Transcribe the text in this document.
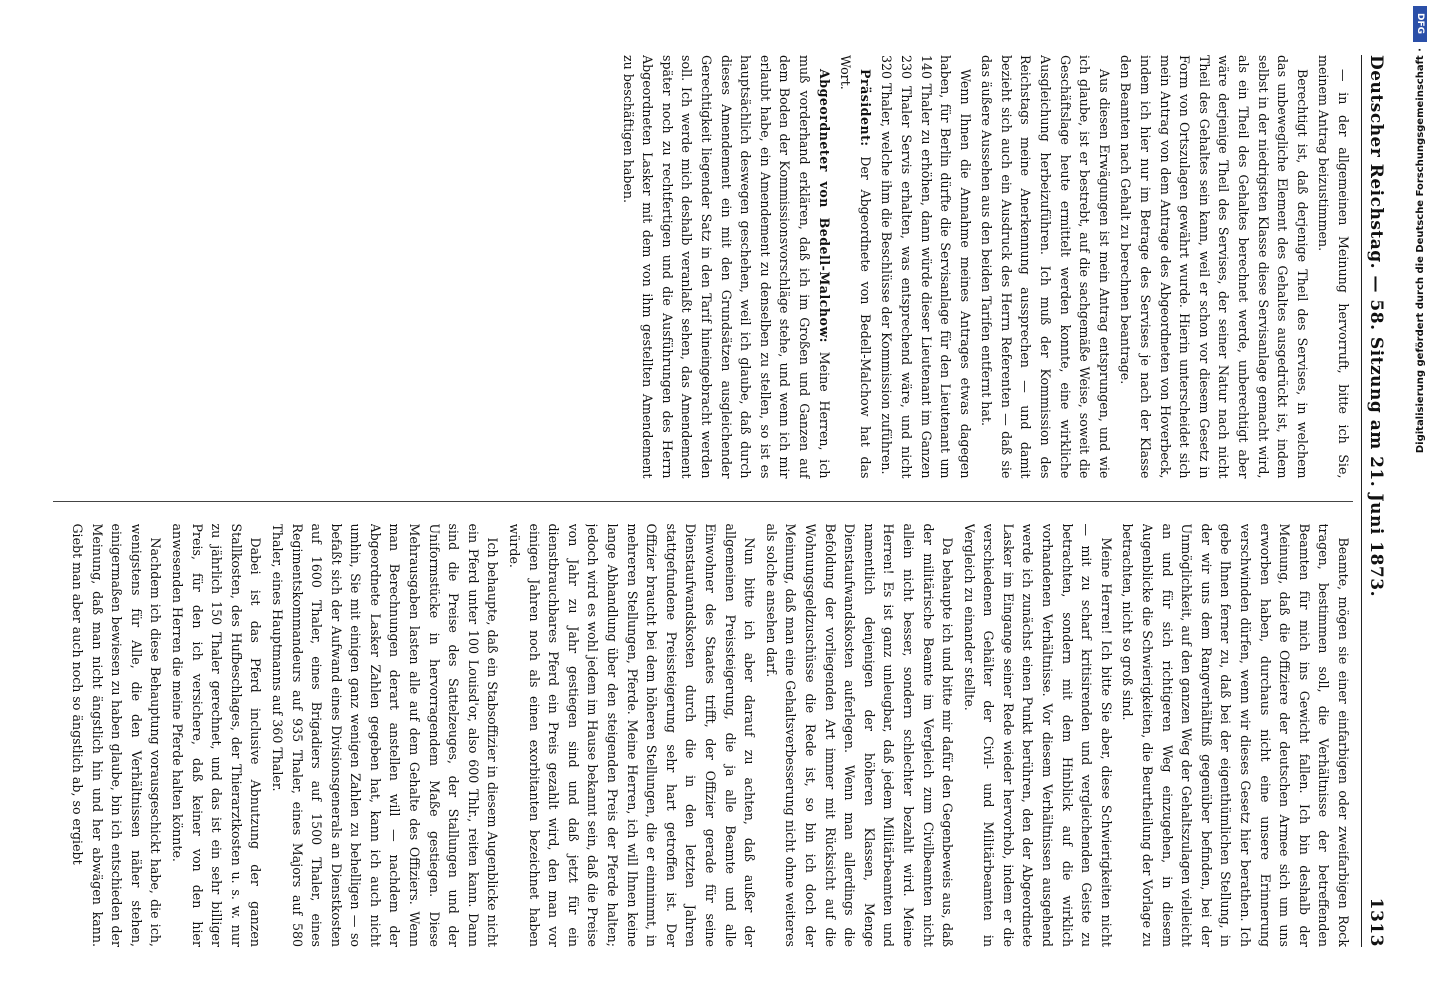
Deutscher Reichstag. — 58. Sitzung am 21. Juni 1873.
1313

— in der allgemeinen Meinung hervorruft, bitte ich Sie, meinem Antrag beizustimmen.

Berechtigt ist, daß derjenige Theil des Servises, in welchem das unbewegliche Element des Gehaltes ausgedrückt ist, indem selbst in der niedrigsten Klasse diese Servisanlage gemacht wird, als ein Theil des Gehaltes berechnet werde, unberechtigt aber wäre derjenige Theil des Servises, der seiner Natur nach nicht Theil des Gehaltes sein kann, weil er schon vor diesem Gesetz in Form von Ortszulagen gewährt wurde. Hierin unterscheidet sich mein Antrag von dem Antrage des Abgeordneten von Hoverbeck, indem ich hier nur im Betrage des Servises je nach der Klasse den Beamten nach Gehalt zu berechnen beantrage.

Aus diesen Erwägungen ist mein Antrag entsprungen, und wie ich glaube, ist er bestrebt, auf die sachgemäße Weise, soweit die Geschäftslage heute ermittelt werden konnte, eine wirkliche Ausgleichung herbeizuführen. Ich muß der Kommission des Reichstags meine Anerkennung aussprechen — und damit bezieht sich auch ein Ausdruck des Herrn Referenten — daß sie das äußere Aussehen aus den beiden Tarifen entfernt hat.

Wenn Ihnen die Annahme meines Antrages etwas dagegen haben, für Berlin dürfte die Servisanlage für den Lieutenant um 140 Thaler zu erhöhen, dann würde dieser Lieutenant im Ganzen 230 Thaler Servis erhalten, was entsprechend wäre, und nicht 320 Thaler, welche ihm die Beschlüsse der Kommission zuführen.

Präsident: Der Abgeordnete von Bedell-Malchow hat das Wort.

Abgeordneter von Bedell-Malchow: Meine Herren, ich muß vorderhand erklären, daß ich im Großen und Ganzen auf dem Boden der Kommissionsvorschläge stehe, und wenn ich mir erlaubt habe, ein Amendement zu denselben zu stellen, so ist es hauptsächlich deswegen geschehen, weil ich glaube, daß durch dieses Amendement ein mit den Grundsätzen ausgleichender Gerechtigkeit liegender Satz in den Tarif hineingebracht werden soll. Ich werde mich deshalb veranlaßt sehen, das Amendement später noch zu rechtfertigen und die Ausführungen des Herrn Abgeordneten Lasker mit dem von ihm gestellten Amendement zu beschäftigen haben.

Beamte, mögen sie einer einfarbigen oder zweifarbigen Rock tragen, bestimmen soll, die Verhältnisse der betreffenden Beamten für mich ins Gewicht fallen. Ich bin deshalb der Meinung, daß die Offiziere der deutschen Armee sich um uns erworben haben, durchaus nicht eine unsere Erinnerung verschwinden dürfen, wenn wir dieses Gesetz hier berathen. Ich gebe Ihnen ferner zu, daß bei der eigenthümlichen Stellung, in der wir uns dem Rangverhältniß gegenüber befinden, bei der Unmöglichkeit, auf den ganzen Weg der Gehaltszulagen vielleicht an und für sich richtigeren Weg einzugehen, in diesem Augenblicke die Schwierigkeiten, die Beurtheilung der Vorlage zu betrachten, nicht so groß sind.

Meine Herren! Ich bitte Sie aber, diese Schwierigkeiten nicht — mit zu scharf kritisirenden und vergleichenden Geiste zu betrachten, sondern mit dem Hinblick auf die wirklich vorhandenen Verhältnisse. Vor diesem Verhältnissen ausgehend werde ich zunächst einen Punkt berühren, den der Abgeordnete Lasker im Eingange seiner Rede wieder hervorhob, indem er die verschiedenen Gehälter der Civil- und Militärbeamten in Vergleich zu einander stellte.

Da behaupte ich und bitte mir dafür den Gegenbeweis aus, daß der militärische Beamte im Vergleich zum Civilbeamten nicht allein nicht besser, sondern schlechter bezahlt wird. Meine Herren! Es ist ganz unleugbar, daß jedem Militärbeamten und namentlich denjenigen der höheren Klassen, Menge Dienstaufwandskosten auferlegen. Wenn man allerdings die Befoldung der vorliegenden Art immer mit Rücksicht auf die Wohnungsgeldzuschüsse die Rede ist, so bin ich doch der Meinung, daß man eine Gehaltsverbesserung nicht ohne weiteres als solche ansehen darf.

Nun bitte ich aber darauf zu achten, daß außer der allgemeinen Preissteigerung, die ja alle Beamte und alle Einwohner des Staates trifft, der Offizier gerade für seine Dienstaufwandskosten durch die in den letzten Jahren stattgefundene Preissteigerung sehr hart getroffen ist. Der Offizier braucht bei dem höheren Stellungen, die er einnimmt, in mehreren Stellungen, Pferde. Meine Herren, ich will Ihnen keine lange Abhandlung über den steigenden Preis der Pferde halten; jedoch wird es wohl jedem im Hause bekannt sein, daß die Preise von Jahr zu Jahr gestiegen sind und daß jetzt für ein dienstbrauchbares Pferd ein Preis gezahlt wird, den man vor einigen Jahren noch als einen exorbitanten bezeichnet haben würde.

Ich behaupte, daß ein Stabsoffizier in diesem Augenblicke nicht ein Pferd unter 100 Louisd'or, also 600 Thlr., reiten kann. Dann sind die Preise des Sattelzeuges, der Stallungen und der Uniformstücke in hervorragendem Maße gestiegen. Diese Mehrausgaben lasten alle auf dem Gehalte des Offiziers. Wenn man Berechnungen derart anstellen will — nachdem der Abgeordnete Lasker Zahlen gegeben hat, kann ich auch nicht umhin, Sie mit einigen ganz wenigen Zahlen zu behelligen — so befaßt sich der Aufwand eines Divisionsgenerals an Dienstkosten auf 1600 Thaler, eines Brigadiers auf 1500 Thaler, eines Regimentskommandeurs auf 935 Thaler, eines Majors auf 580 Thaler, eines Hauptmanns auf 360 Thaler.

Dabei ist das Pferd inclusive Abnutzung der ganzen Stallkosten, des Hufbeschlages, der Thierarztkosten u. s. w. nur zu jährlich 150 Thaler gerechnet, und das ist ein sehr billiger Preis, für den ich versichere, daß keiner von den hier anwesenden Herren die meine Pferde halten könnte.

Nachdem ich diese Behauptung vorausgeschickt habe, die ich, wenigstens für Alle, die den Verhältnissen näher stehen, einigermaßen bewiesen zu haben glaube, bin ich entschieden der Meinung, daß man nicht ängstlich hin und her abwägen kann. Giebt man aber auch noch so ängstlich ab, so ergiebt

DFG
Digitalisierung gefördert durch die Deutsche Forschungsgemeinschaft ·
